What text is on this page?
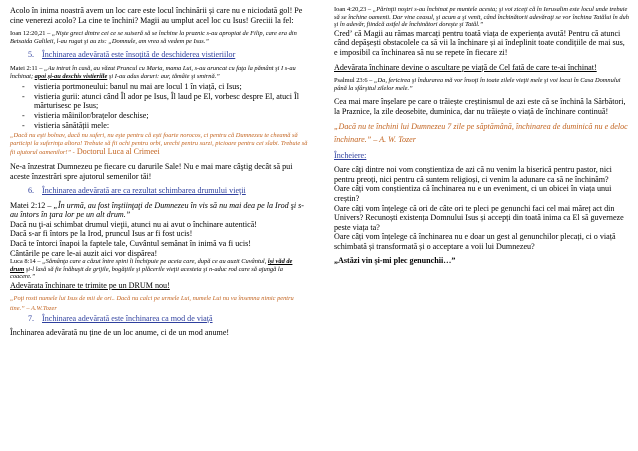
Acolo în inima noastră avem un loc care este locul închinării și care nu e niciodată gol! Pe cine venerezi acolo? La cine te închini? Magii au umplut acel loc cu Isus! Greciii la fel:

Ioan 12:20,21 – „Nişte greci dintre cei ce se suiseră să se închine la praznic s-au apropiat de Filip, care era din Betsaida Galileii, l-au rugat şi au zis: „Domnule, am vrea să vedem pe Isus.”

5. Închinarea adevărată este însoţită de deschiderea vistieriilor

Matei 2:11 – „Au intrat în casă, au văzut Pruncul cu Maria, mama Lui, s-au aruncat cu faţa la pământ şi I s-au închinat; apoi şi-au deschis vistieriile şi I-au adus daruri: aur, tămâie şi smirnă.”

- vistieria portmoneului: banul nu mai are locul 1 în viață, ci Isus;
- vistieria gurii: atunci când Îl ador pe Isus, Îl laud pe El, vorbesc despre El, atuci Îl mărturisesc pe Isus;
- vistieria mâinilor/brațelor deschise;
- vistieria sănătății mele:

„Dacă nu eşti bolnav, dacă nu suferi, nu eşte pentru că eşti foarte norocos, ci pentru că Dumnezeu te cheamă să participi la suferinţa altora! Trebuie să fii ochi pentru orbi, urechi pentru surzi, picioare pentru cei slabi. Trebuie să fii ajutorul oamenilor!” - Doctorul Luca al Crimeei

Ne-a înzestrat Dumnezeu pe fiecare cu darurile Sale! Nu e mai mare câştig decât să pui aceste înzestrări spre ajutorul semenilor tăi!

6. Închinarea adevărată are ca rezultat schimbarea drumului vieţii

Matei 2:12 – „În urmă, au fost înştiinţaţi de Dumnezeu în vis să nu mai dea pe la Irod şi s-au întors în ţara lor pe un alt drum.”

Dacă nu ţi-ai schimbat drumul vieţii, atunci nu ai avut o închinare autentică!

Dacă s-ar fi întors pe la Irod, pruncul Isus ar fi fost ucis!

Dacă te întorci înapoi la faptele tale, Cuvântul semănat în inimă va fi ucis!

Cântările pe care le-ai auzit aici vor dispărea!

Luca 8:14 – „Sămânţa care a căzut între spini îi închipuie pe aceia care, după ce au auzit Cuvântul, își văd de drum şi-l lasă să fie înăbuşit de grijile, bogăţiile şi plăcerile vieţii acesteia şi n-aduc rod care să ajungă la coacere.”

Adevărata închinare te trimite pe un DRUM nou!

„Poţi rosti numele lui Isus de mii de ori.. Dacă nu calci pe urmele Lui, numele Lui nu va însemna nimic pentru tine.” – A.W.Tozer

7. Închinarea adevărată este închinarea ca mod de viaţă

Închinarea adevărată nu ține de un loc anume, ci de un mod anume!

Ioan 4:20,23 – „Părinţii noştri s-au închinat pe muntele acesta; şi voi ziceţi că în Ierusalim este locul unde trebuie să se închine oamenii. Dar vine ceasul, şi acum a şi venit, când închinătorii adevăraţi se vor închina Tatălui în duh şi în adevăr, fiindcă astfel de închinători doreşte şi Tatăl.”

Credʼ că Magii au rămas marcați pentru toată viața de experiența avută! Pentru că atunci când depășești obstacolele ca să vii la închinare și ai îndeplinit toate condițiile de mai sus, e imposibil ca închinarea să nu se repete în fiecare zi!

Adevărata închinare devine o ascultare pe viață de Cel fată de care te-ai închinat!

Psalmul 23:6 – „Da, fericirea şi îndurarea mă vor însoţi în toate zilele vieţii mele şi voi locui în Casa Domnului până la sfârşitul zilelor mele.”

Cea mai mare înșelare pe care o trăiește creștinismul de azi este că se închină la Sărbători, la Praznice, la zile deosebite, duminica, dar nu trăiește o viață de închinare continuă!

„Dacă nu te închini lui Dumnezeu 7 zile pe săptămână, închinarea de duminică nu e deloc închinare.” – A. W. Tozer

Încheiere:

Oare câți dintre noi vom conștientiza de azi că nu venim la biserică pentru pastor, nici pentru preoți, nici pentru că suntem religioși, ci venim la adunare ca să ne închinăm?

Oare câți vom conștientiza că închinarea nu e un eveniment, ci un obicei în viața unui creștin?

Oare câți vom înțelege că ori de câte ori te pleci pe genunchi faci cel mai măreț act din Univers? Recunoști existența Domnului Isus și accepți din toată inima ca El să guverneze peste viața ta?

Oare câți vom înțelege că închinarea nu e doar un gest al genunchilor plecați, ci o viață schimbată și transformată și o acceptare a voii lui Dumnezeu?

„Astăzi vin și-mi plec genunchii…”
